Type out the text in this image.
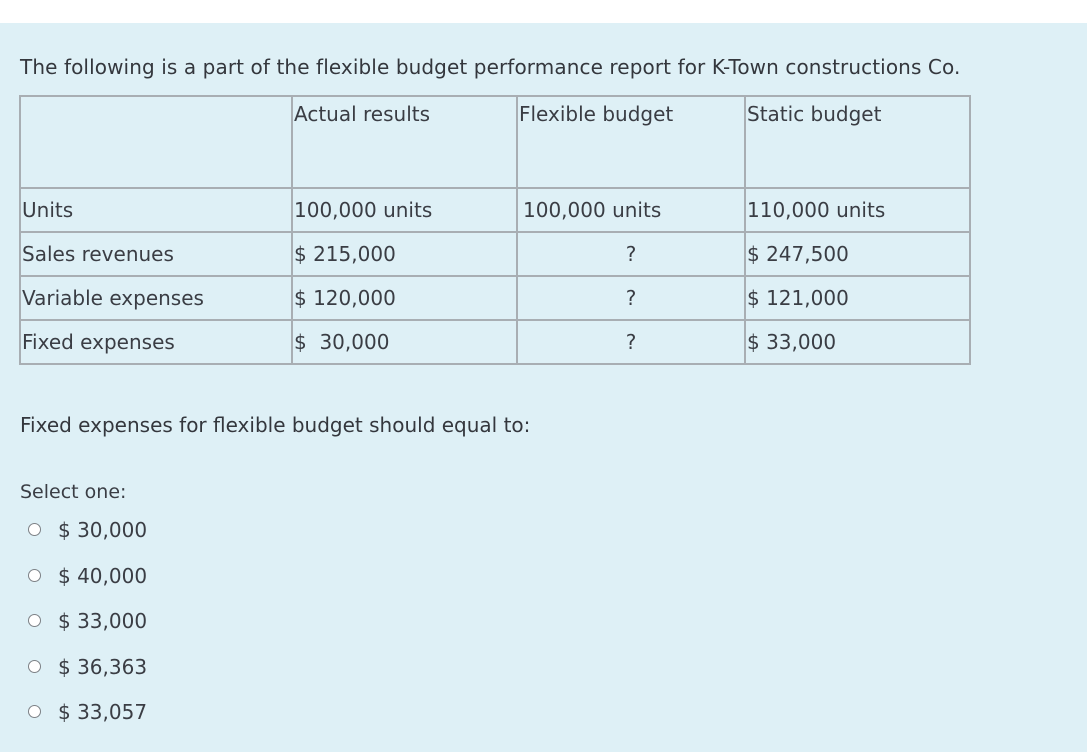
The following is a part of the flexible budget performance report for K-Town constructions Co.
	Actual results	Flexible budget	Static budget
Units	100,000 units	100,000 units	110,000 units
Sales revenues	$ 215,000	?	$ 247,500
Variable expenses	$ 120,000	?	$ 121,000
Fixed expenses	$  30,000	?	$ 33,000
Fixed expenses for flexible budget should equal to:
Select one:
$ 30,000
$ 40,000
$ 33,000
$ 36,363
$ 33,057
